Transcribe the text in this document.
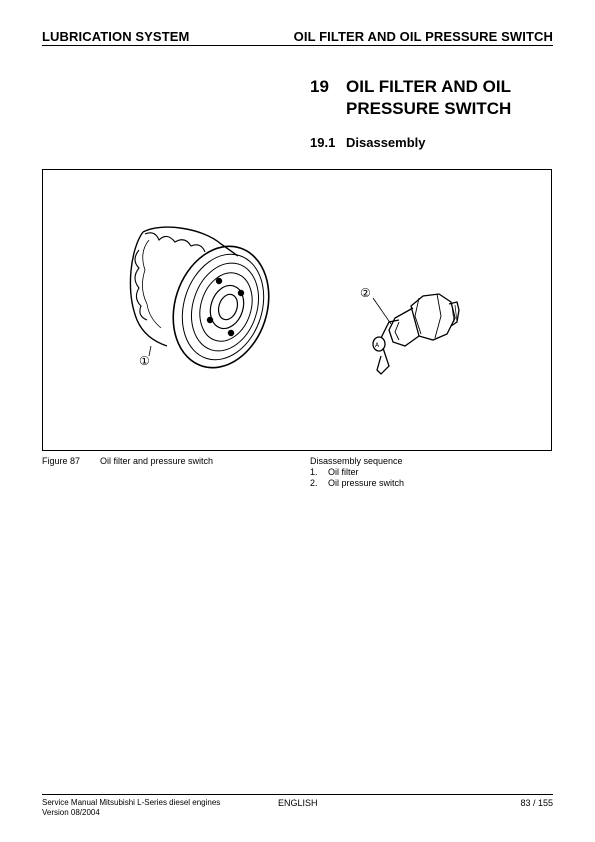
LUBRICATION SYSTEM	OIL FILTER AND OIL PRESSURE SWITCH
19	OIL FILTER AND OIL PRESSURE SWITCH
19.1 Disassembly
A
①
②
Figure 87 Oil filter and pressure switch	Disassembly sequence
1. Oil filter
2. Oil pressure switch
Service Manual Mitsubishi L-Series diesel engines
Version 08/2004
ENGLISH	83 / 155
